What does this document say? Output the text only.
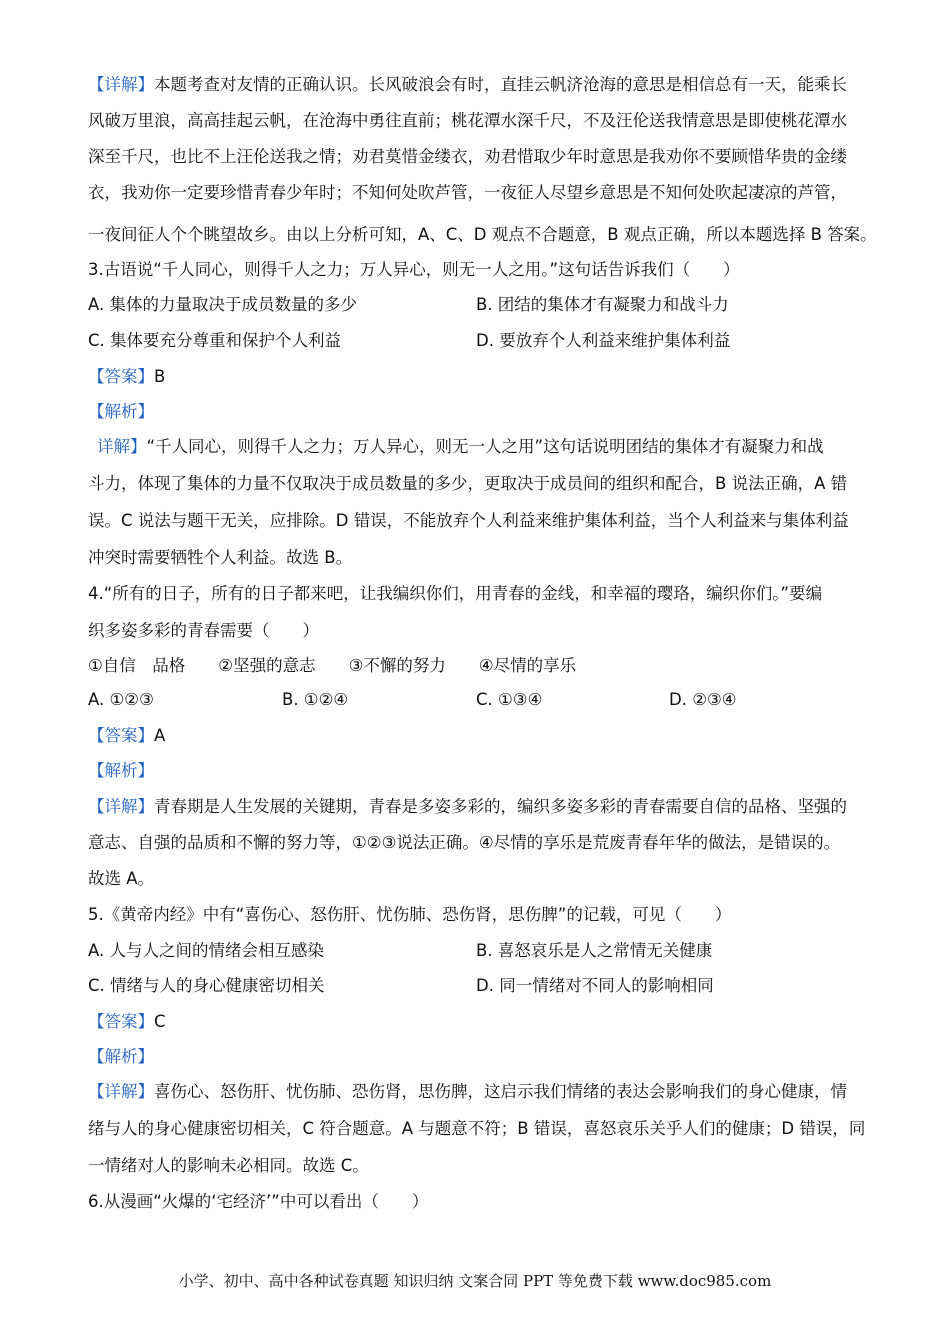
【详解】本题考查对友情的正确认识。长风破浪会有时，直挂云帆济沧海的意思是相信总有一天，能乘长
风破万里浪，高高挂起云帆，在沧海中勇往直前；桃花潭水深千尺，不及汪伦送我情意思是即使桃花潭水
深至千尺，也比不上汪伦送我之情；劝君莫惜金缕衣，劝君惜取少年时意思是我劝你不要顾惜华贵的金缕
衣，我劝你一定要珍惜青春少年时；不知何处吹芦管，一夜征人尽望乡意思是不知何处吹起凄凉的芦管，
一夜间征人个个眺望故乡。由以上分析可知，A、C、D 观点不合题意，B 观点正确，所以本题选择 B 答案。
3.古语说“千人同心，则得千人之力；万人异心，则无一人之用。”这句话告诉我们（　　）
A. 集体的力量取决于成员数量的多少	B. 团结的集体才有凝聚力和战斗力
C. 集体要充分尊重和保护个人利益	D. 要放弃个人利益来维护集体利益
【答案】B
【解析】
详解】“千人同心，则得千人之力；万人异心，则无一人之用”这句话说明团结的集体才有凝聚力和战
斗力，体现了集体的力量不仅取决于成员数量的多少，更取决于成员间的组织和配合，B 说法正确，A 错
误。C 说法与题干无关，应排除。D 错误，不能放弃个人利益来维护集体利益，当个人利益来与集体利益
冲突时需要牺牲个人利益。故选 B。
4.“所有的日子，所有的日子都来吧，让我编织你们，用青春的金线，和幸福的璎珞，编织你们。”要编
织多姿多彩的青春需要（　　）
①自信　品格　　②坚强的意志　　③不懈的努力　　④尽情的享乐
A. ①②③	B. ①②④	C. ①③④	D. ②③④
【答案】A
【解析】
【详解】青春期是人生发展的关键期，青春是多姿多彩的，编织多姿多彩的青春需要自信的品格、坚强的
意志、自强的品质和不懈的努力等，①②③说法正确。④尽情的享乐是荒废青春年华的做法，是错误的。
故选 A。
5.《黄帝内经》中有“喜伤心、怒伤肝、忧伤肺、恐伤肾，思伤脾”的记载，可见（　　）
A. 人与人之间的情绪会相互感染	B. 喜怒哀乐是人之常情无关健康
C. 情绪与人的身心健康密切相关	D. 同一情绪对不同人的影响相同
【答案】C
【解析】
【详解】喜伤心、怒伤肝、忧伤肺、恐伤肾，思伤脾，这启示我们情绪的表达会影响我们的身心健康，情
绪与人的身心健康密切相关，C 符合题意。A 与题意不符；B 错误，喜怒哀乐关乎人们的健康；D 错误，同
一情绪对人的影响未必相同。故选 C。
6.从漫画“火爆的‘宅经济’”中可以看出（　　）
小学、初中、高中各种试卷真题 知识归纳 文案合同 PPT 等免费下载 www.doc985.com
